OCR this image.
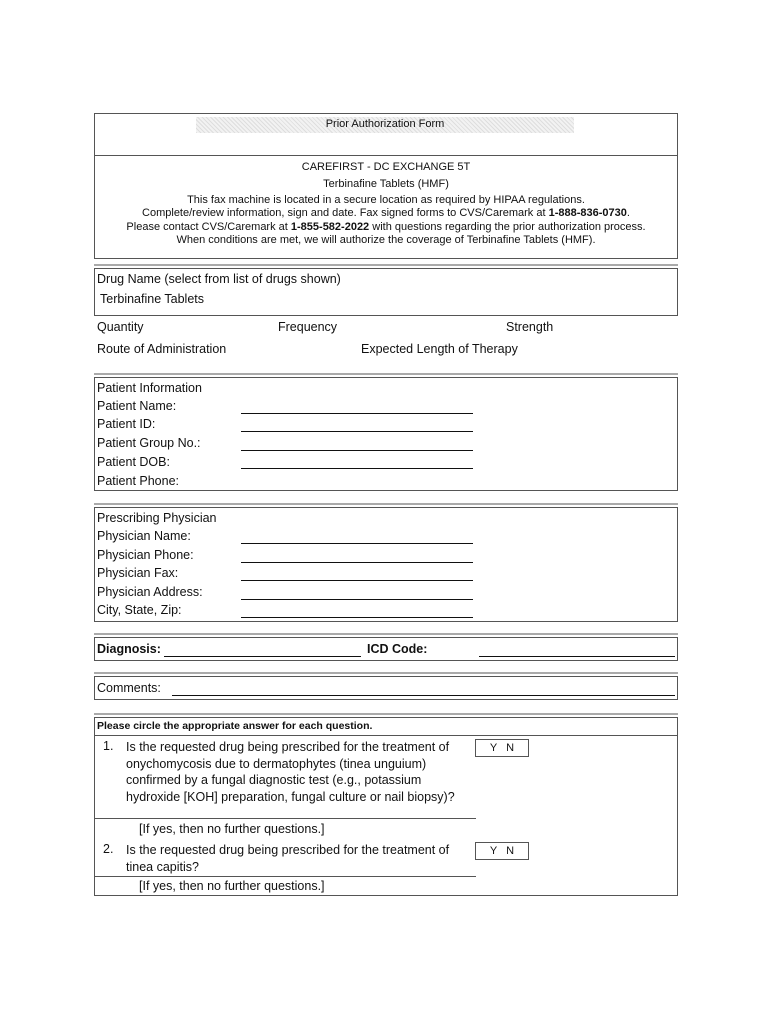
Prior Authorization Form
CAREFIRST - DC EXCHANGE 5T
Terbinafine Tablets (HMF)
This fax machine is located in a secure location as required by HIPAA regulations.
Complete/review information, sign and date. Fax signed forms to CVS/Caremark at 1-888-836-0730.
Please contact CVS/Caremark at 1-855-582-2022 with questions regarding the prior authorization process.
When conditions are met, we will authorize the coverage of Terbinafine Tablets (HMF).
Drug Name (select from list of drugs shown)
Terbinafine Tablets
Quantity	Frequency	Strength
Route of Administration	Expected Length of Therapy
Patient Information
Patient Name:
Patient ID:
Patient Group No.:
Patient DOB:
Patient Phone:
Prescribing Physician
Physician Name:
Physician Phone:
Physician Fax:
Physician Address:
City, State, Zip:
Diagnosis:	ICD Code:
Comments:
Please circle the appropriate answer for each question.
1. Is the requested drug being prescribed for the treatment of onychomycosis due to dermatophytes (tinea unguium) confirmed by a fungal diagnostic test (e.g., potassium hydroxide [KOH] preparation, fungal culture or nail biopsy)?
Y   N
[If yes, then no further questions.]
2. Is the requested drug being prescribed for the treatment of tinea capitis?
Y   N
[If yes, then no further questions.]
